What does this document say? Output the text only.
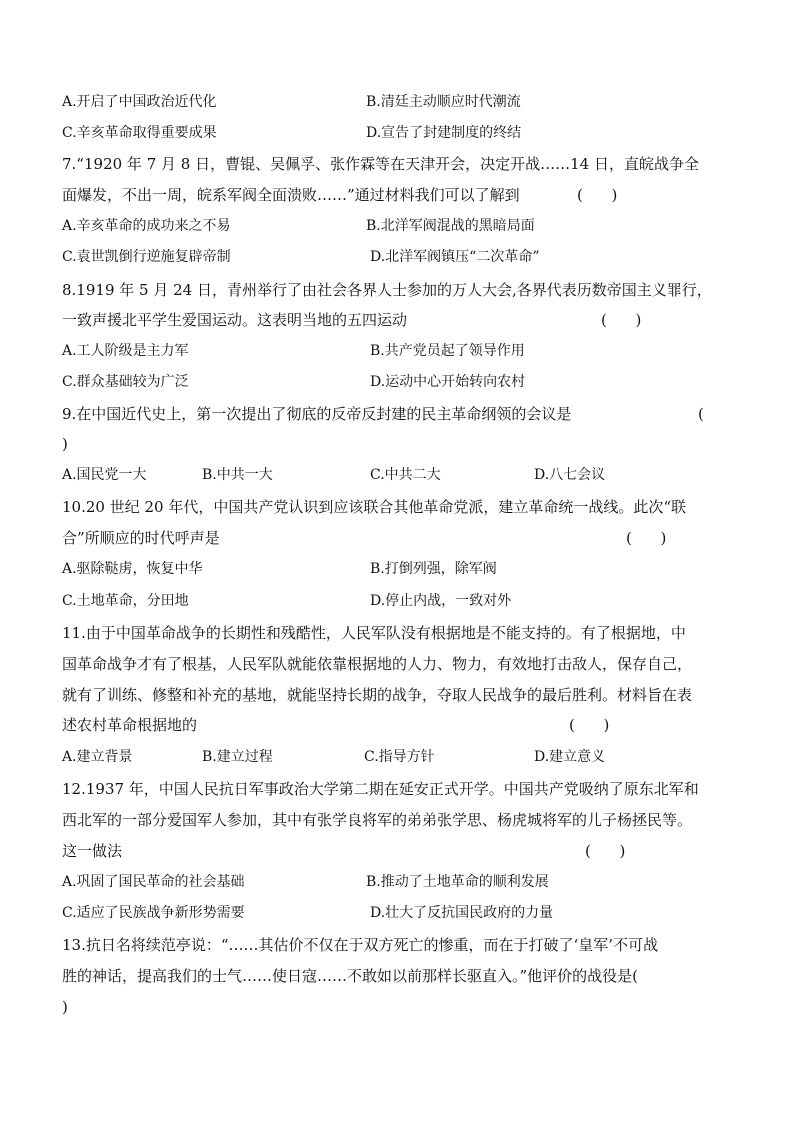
A.开启了中国政治近代化	B.清廷主动顺应时代潮流
C.辛亥革命取得重要成果	D.宣告了封建制度的终结
7.“1920 年 7 月 8 日，曹锟、吴佩孚、张作霖等在天津开会，决定开战……14 日，直皖战争全
面爆发，不出一周，皖系军阀全面溃败……”通过材料我们可以了解到	(      )
A.辛亥革命的成功来之不易	B.北洋军阀混战的黑暗局面
C.袁世凯倒行逆施复辟帝制	D.北洋军阀镇压“二次革命”
8.1919 年 5 月 24 日，青州举行了由社会各界人士参加的万人大会,各界代表历数帝国主义罪行，
一致声援北平学生爱国运动。这表明当地的五四运动	(      )
A.工人阶级是主力军	B.共产党员起了领导作用
C.群众基础较为广泛	D.运动中心开始转向农村
9.在中国近代史上，第一次提出了彻底的反帝反封建的民主革命纲领的会议是	(
)
A.国民党一大	B.中共一大	C.中共二大	D.八七会议
10.20 世纪 20 年代，中国共产党认识到应该联合其他革命党派，建立革命统一战线。此次“联
合”所顺应的时代呼声是	(      )
A.驱除鞑虏，恢复中华	B.打倒列强，除军阀
C.土地革命，分田地	D.停止内战，一致对外
11.由于中国革命战争的长期性和残酷性，人民军队没有根据地是不能支持的。有了根据地，中
国革命战争才有了根基，人民军队就能依靠根据地的人力、物力，有效地打击敌人，保存自己，
就有了训练、修整和补充的基地，就能坚持长期的战争，夺取人民战争的最后胜利。材料旨在表
述农村革命根据地的	(      )
A.建立背景	B.建立过程	C.指导方针	D.建立意义
12.1937 年，中国人民抗日军事政治大学第二期在延安正式开学。中国共产党吸纳了原东北军和
西北军的一部分爱国军人参加，其中有张学良将军的弟弟张学思、杨虎城将军的儿子杨拯民等。
这一做法	(      )
A.巩固了国民革命的社会基础	B.推动了土地革命的顺利发展
C.适应了民族战争新形势需要	D.壮大了反抗国民政府的力量
13.抗日名将续范亭说：“……其估价不仅在于双方死亡的惨重，而在于打破了‘皇军’不可战
胜的神话，提高我们的士气……使日寇……不敢如以前那样长驱直入。”他评价的战役是(
)
